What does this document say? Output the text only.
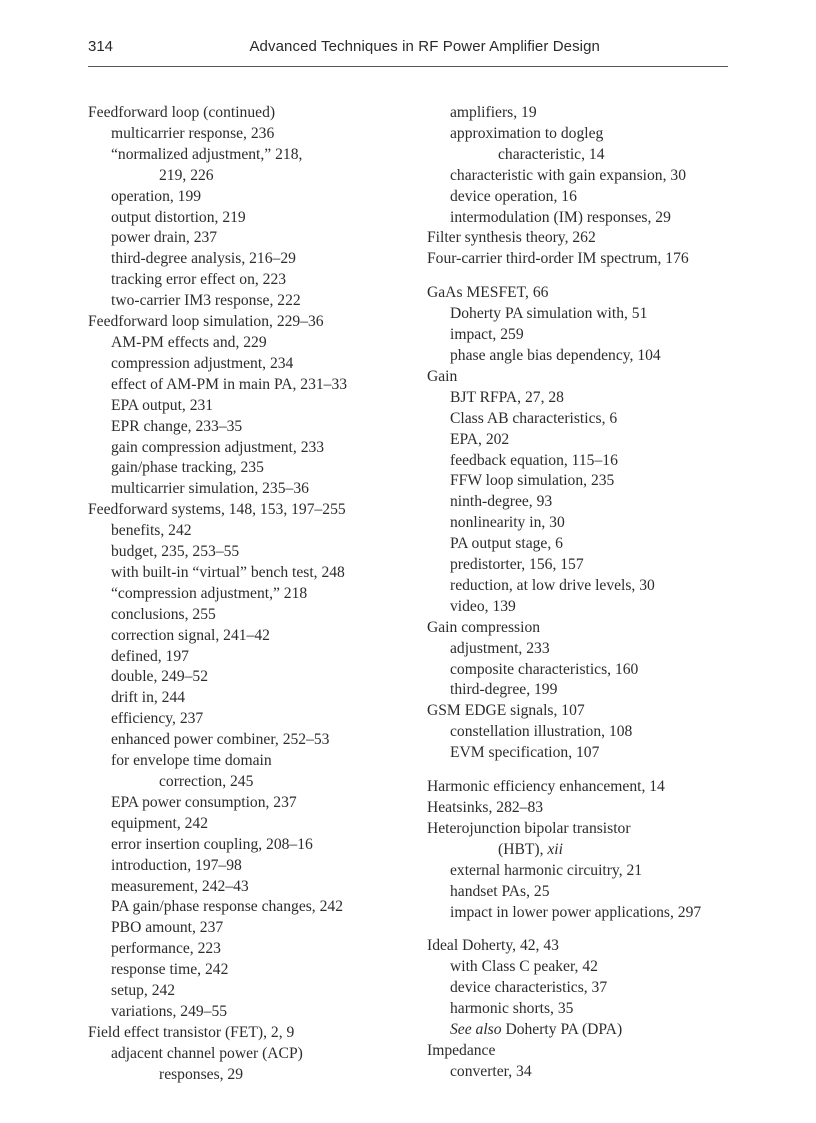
314	Advanced Techniques in RF Power Amplifier Design
Feedforward loop (continued)
multicarrier response, 236
“normalized adjustment,” 218,
219, 226
operation, 199
output distortion, 219
power drain, 237
third-degree analysis, 216–29
tracking error effect on, 223
two-carrier IM3 response, 222
Feedforward loop simulation, 229–36
AM-PM effects and, 229
compression adjustment, 234
effect of AM-PM in main PA, 231–33
EPA output, 231
EPR change, 233–35
gain compression adjustment, 233
gain/phase tracking, 235
multicarrier simulation, 235–36
Feedforward systems, 148, 153, 197–255
benefits, 242
budget, 235, 253–55
with built-in “virtual” bench test, 248
“compression adjustment,” 218
conclusions, 255
correction signal, 241–42
defined, 197
double, 249–52
drift in, 244
efficiency, 237
enhanced power combiner, 252–53
for envelope time domain
correction, 245
EPA power consumption, 237
equipment, 242
error insertion coupling, 208–16
introduction, 197–98
measurement, 242–43
PA gain/phase response changes, 242
PBO amount, 237
performance, 223
response time, 242
setup, 242
variations, 249–55
Field effect transistor (FET), 2, 9
adjacent channel power (ACP)
responses, 29
amplifiers, 19
approximation to dogleg
characteristic, 14
characteristic with gain expansion, 30
device operation, 16
intermodulation (IM) responses, 29
Filter synthesis theory, 262
Four-carrier third-order IM spectrum, 176
GaAs MESFET, 66
Doherty PA simulation with, 51
impact, 259
phase angle bias dependency, 104
Gain
BJT RFPA, 27, 28
Class AB characteristics, 6
EPA, 202
feedback equation, 115–16
FFW loop simulation, 235
ninth-degree, 93
nonlinearity in, 30
PA output stage, 6
predistorter, 156, 157
reduction, at low drive levels, 30
video, 139
Gain compression
adjustment, 233
composite characteristics, 160
third-degree, 199
GSM EDGE signals, 107
constellation illustration, 108
EVM specification, 107
Harmonic efficiency enhancement, 14
Heatsinks, 282–83
Heterojunction bipolar transistor
(HBT), xii
external harmonic circuitry, 21
handset PAs, 25
impact in lower power applications, 297
Ideal Doherty, 42, 43
with Class C peaker, 42
device characteristics, 37
harmonic shorts, 35
See also Doherty PA (DPA)
Impedance
converter, 34
